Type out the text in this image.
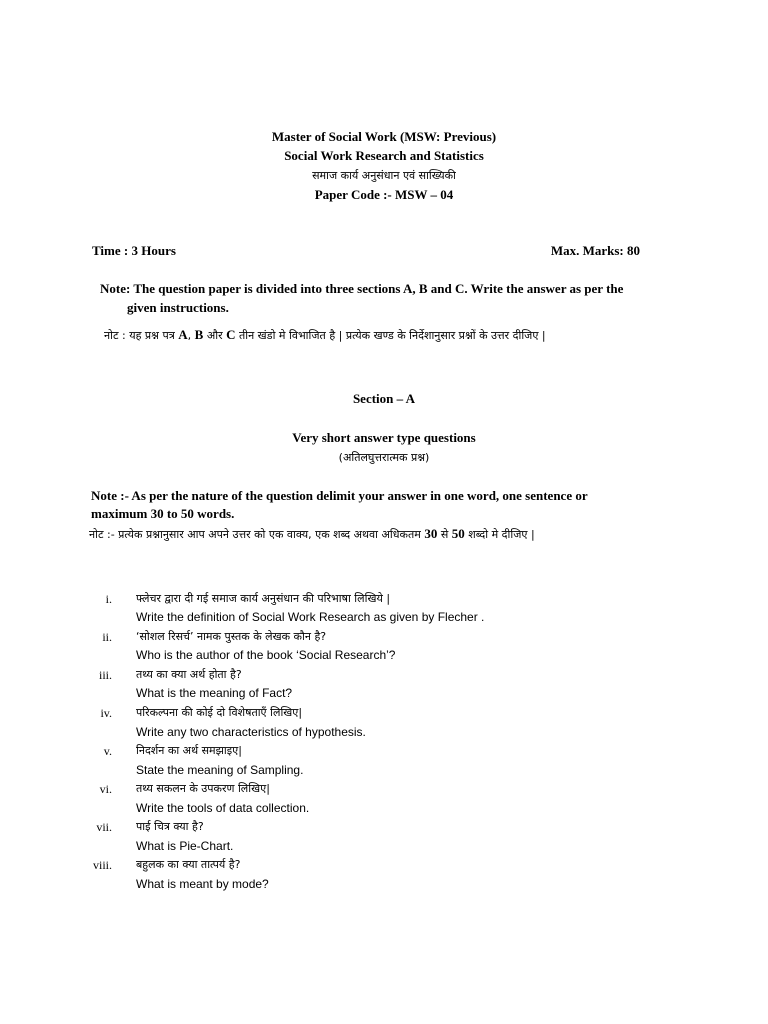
Master of Social Work (MSW: Previous)
Social Work Research and Statistics
समाज कार्य अनुसंधान एवं साख्यिकी
Paper Code :- MSW – 04
Time : 3 Hours	Max. Marks: 80
Note: The question paper is divided into three sections A, B and C. Write the answer as per the
given instructions.
नोट : यह प्रश्न पत्र A, B और C तीन खंडो मे विभाजित है | प्रत्येक खण्ड के निर्देशानुसार प्रश्नों के उत्तर दीजिए |
Section – A
Very short answer type questions
(अतिलघुत्तरात्मक प्रश्न)
Note :- As per the nature of the question delimit your answer in one word, one sentence or
maximum 30 to 50 words.
नोट :- प्रत्येक प्रश्नानुसार आप अपने उत्तर को एक वाक्य, एक शब्द अथवा अधिकतम 30 से 50 शब्दो मे दीजिए |
i. फ्लेचर द्वारा दी गई समाज कार्य अनुसंधान की परिभाषा लिखिये |
Write the definition of Social Work Research as given by Flecher .
ii. ‘सोशल रिसर्च’ नामक पुस्तक के लेखक कौन है?
Who is the author of the book ‘Social Research’?
iii. तथ्य का क्या अर्थ होता है?
What is the meaning of Fact?
iv. परिकल्पना की कोई दो विशेषताएँ लिखिए|
Write any two characteristics of hypothesis.
v. निदर्शन का अर्थ समझाइए|
State the meaning of Sampling.
vi. तथ्य सकलन के उपकरण लिखिए|
Write the tools of data collection.
vii. पाई चित्र क्या है?
What is Pie-Chart.
viii. बहुलक का क्या तात्पर्य है?
What is meant by mode?
